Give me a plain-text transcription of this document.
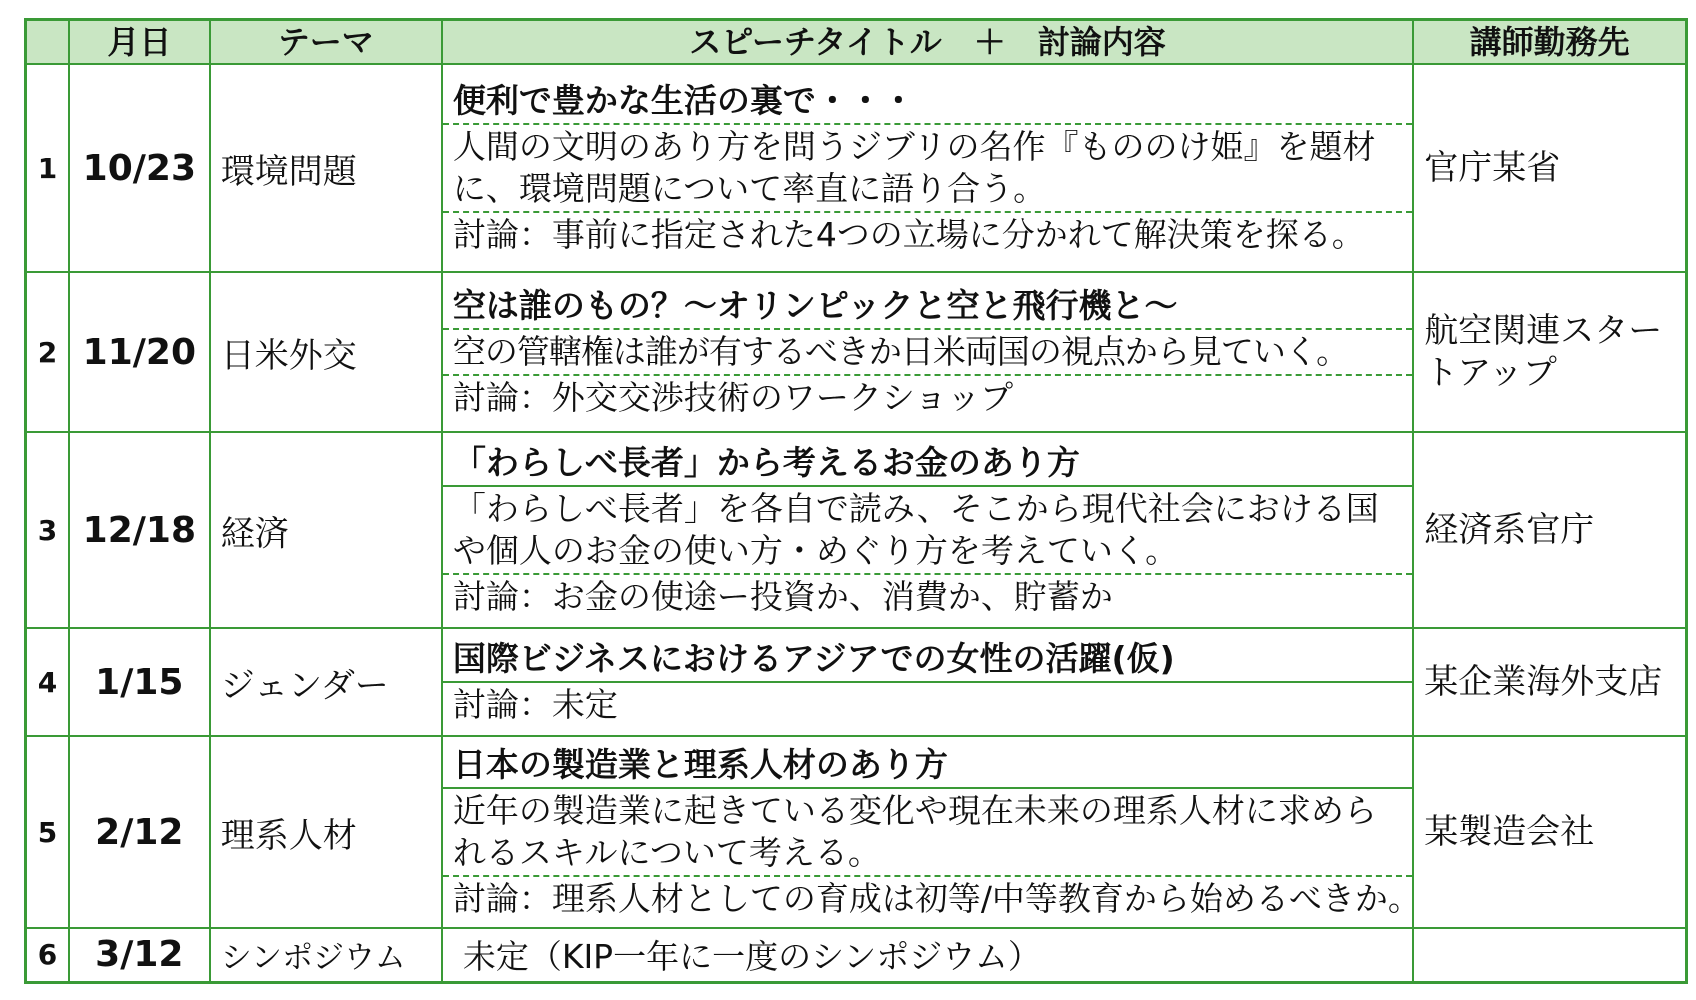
	月日	テーマ	スピーチタイトル　＋　討論内容	講師勤務先
1	10/23	環境問題	便利で豊かな生活の裏で・・・
人間の文明のあり方を問うジブリの名作『もののけ姫』を題材に、環境問題について率直に語り合う。
討論：事前に指定された4つの立場に分かれて解決策を探る。	官庁某省
2	11/20	日米外交	空は誰のもの？～オリンピックと空と飛行機と～
空の管轄権は誰が有するべきか日米両国の視点から見ていく。
討論：外交交渉技術のワークショップ	航空関連スタートアップ
3	12/18	経済	「わらしべ長者」から考えるお金のあり方
「わらしべ長者」を各自で読み、そこから現代社会における国や個人のお金の使い方・めぐり方を考えていく。
討論：お金の使途ー投資か、消費か、貯蓄か	経済系官庁
4	1/15	ジェンダー	国際ビジネスにおけるアジアでの女性の活躍(仮)
討論：未定	某企業海外支店
5	2/12	理系人材	日本の製造業と理系人材のあり方
近年の製造業に起きている変化や現在未来の理系人材に求められるスキルについて考える。
討論：理系人材としての育成は初等/中等教育から始めるべきか。	某製造会社
6	3/12	シンポジウム	未定（KIP一年に一度のシンポジウム）	
